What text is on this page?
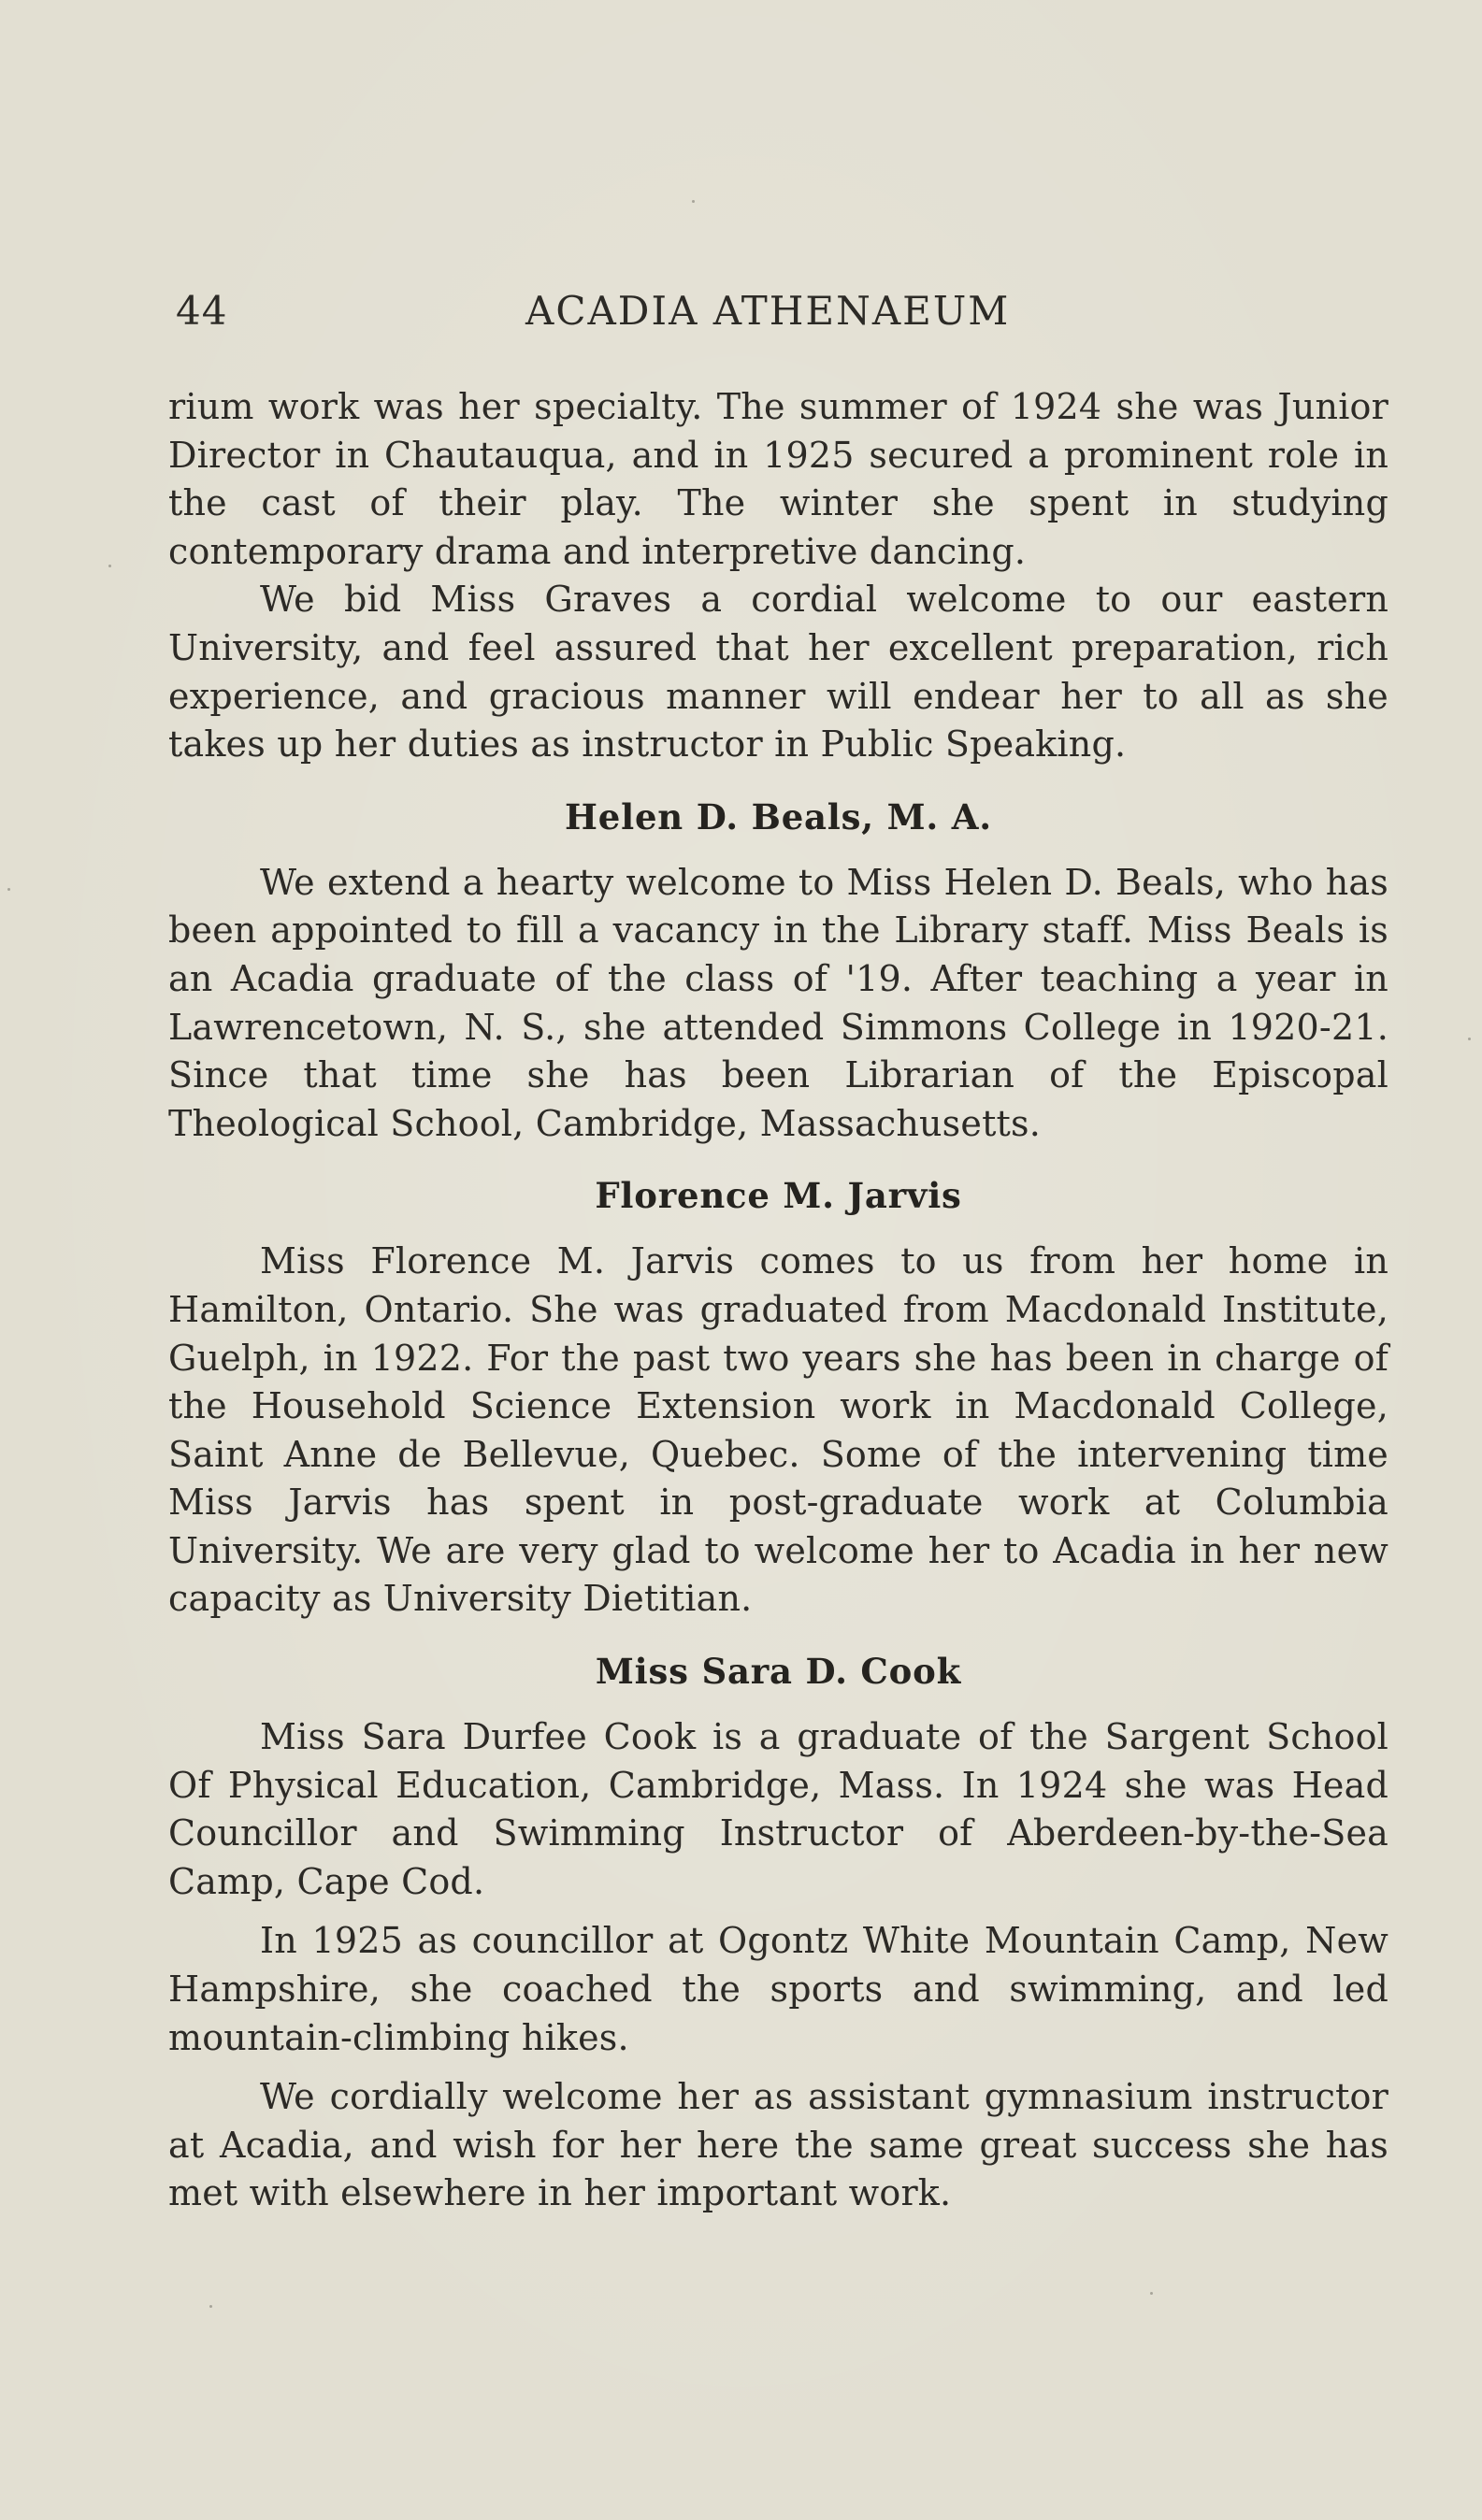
44	ACADIA ATHENAEUM

rium work was her specialty. The summer of 1924 she was Junior Director in Chautauqua, and in 1925 secured a prominent role in the cast of their play. The winter she spent in studying contemporary drama and interpretive dancing.

We bid Miss Graves a cordial welcome to our eastern University, and feel assured that her excellent preparation, rich experience, and gracious manner will endear her to all as she takes up her duties as instructor in Public Speaking.

Helen D. Beals, M. A.

We extend a hearty welcome to Miss Helen D. Beals, who has been appointed to fill a vacancy in the Library staff. Miss Beals is an Acadia graduate of the class of '19. After teaching a year in Lawrencetown, N. S., she attended Simmons College in 1920-21. Since that time she has been Librarian of the Episcopal Theological School, Cambridge, Massachusetts.

Florence M. Jarvis

Miss Florence M. Jarvis comes to us from her home in Hamilton, Ontario. She was graduated from Macdonald Institute, Guelph, in 1922. For the past two years she has been in charge of the Household Science Extension work in Macdonald College, Saint Anne de Bellevue, Quebec. Some of the intervening time Miss Jarvis has spent in post-graduate work at Columbia University. We are very glad to welcome her to Acadia in her new capacity as University Dietitian.

Miss Sara D. Cook

Miss Sara Durfee Cook is a graduate of the Sargent School Of Physical Education, Cambridge, Mass. In 1924 she was Head Councillor and Swimming Instructor of Aberdeen-by-the-Sea Camp, Cape Cod.

In 1925 as councillor at Ogontz White Mountain Camp, New Hampshire, she coached the sports and swimming, and led mountain-climbing hikes.

We cordially welcome her as assistant gymnasium instructor at Acadia, and wish for her here the same great success she has met with elsewhere in her important work.
